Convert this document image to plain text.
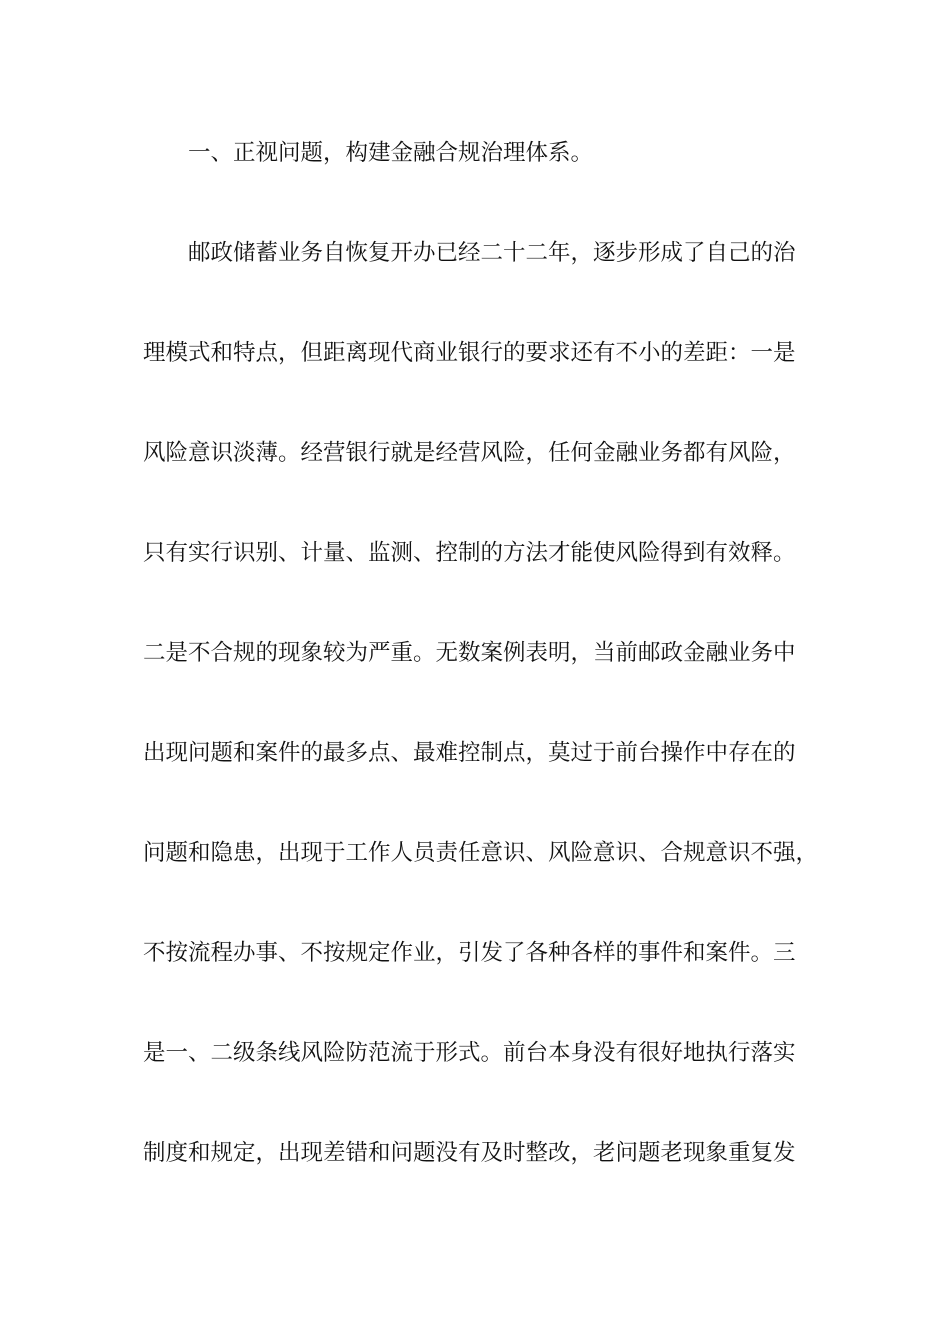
一、正视问题，构建金融合规治理体系。
邮政储蓄业务自恢复开办已经二十二年，逐步形成了自己的治
理模式和特点，但距离现代商业银行的要求还有不小的差距：一是
风险意识淡薄。经营银行就是经营风险，任何金融业务都有风险，
只有实行识别、计量、监测、控制的方法才能使风险得到有效释。
二是不合规的现象较为严重。无数案例表明，当前邮政金融业务中
出现问题和案件的最多点、最难控制点，莫过于前台操作中存在的
问题和隐患，出现于工作人员责任意识、风险意识、合规意识不强，
不按流程办事、不按规定作业，引发了各种各样的事件和案件。三
是一、二级条线风险防范流于形式。前台本身没有很好地执行落实
制度和规定，出现差错和问题没有及时整改，老问题老现象重复发
